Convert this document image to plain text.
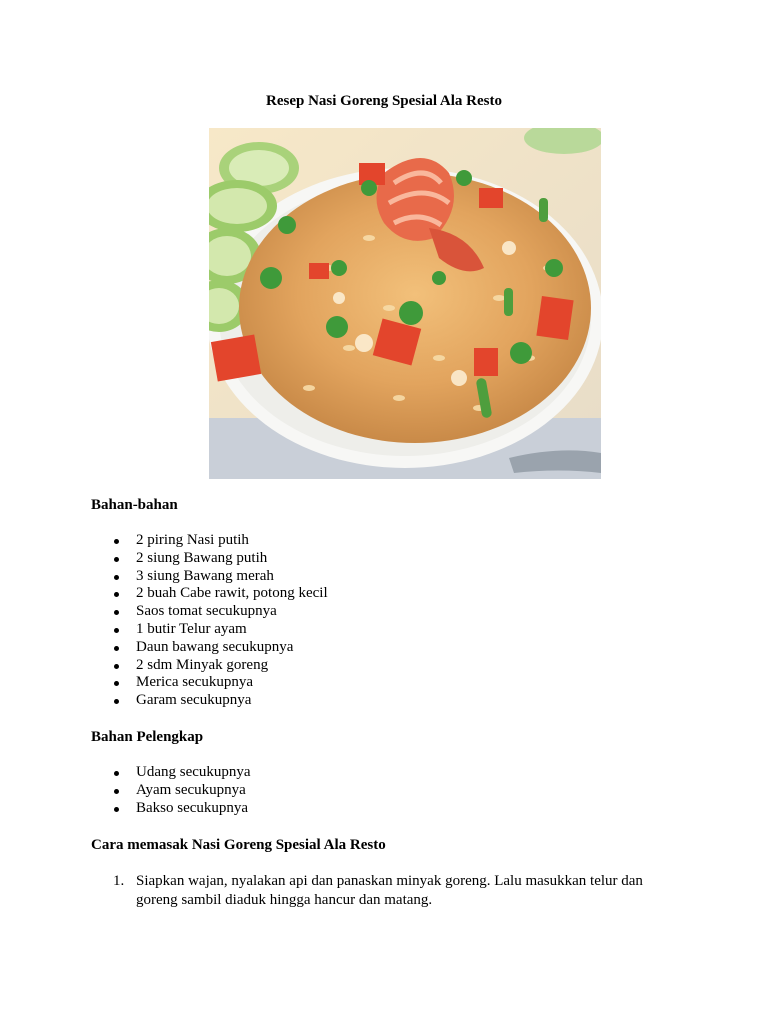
Resep Nasi Goreng Spesial Ala Resto
Bahan-bahan
2 piring Nasi putih
2 siung Bawang putih
3 siung Bawang merah
2 buah Cabe rawit, potong kecil
Saos tomat secukupnya
1 butir Telur ayam
Daun bawang secukupnya
2 sdm Minyak goreng
Merica secukupnya
Garam secukupnya
Bahan Pelengkap
Udang secukupnya
Ayam secukupnya
Bakso secukupnya
Cara memasak Nasi Goreng Spesial Ala Resto
1. Siapkan wajan, nyalakan api dan panaskan minyak goreng. Lalu masukkan telur dan goreng sambil diaduk hingga hancur dan matang.
